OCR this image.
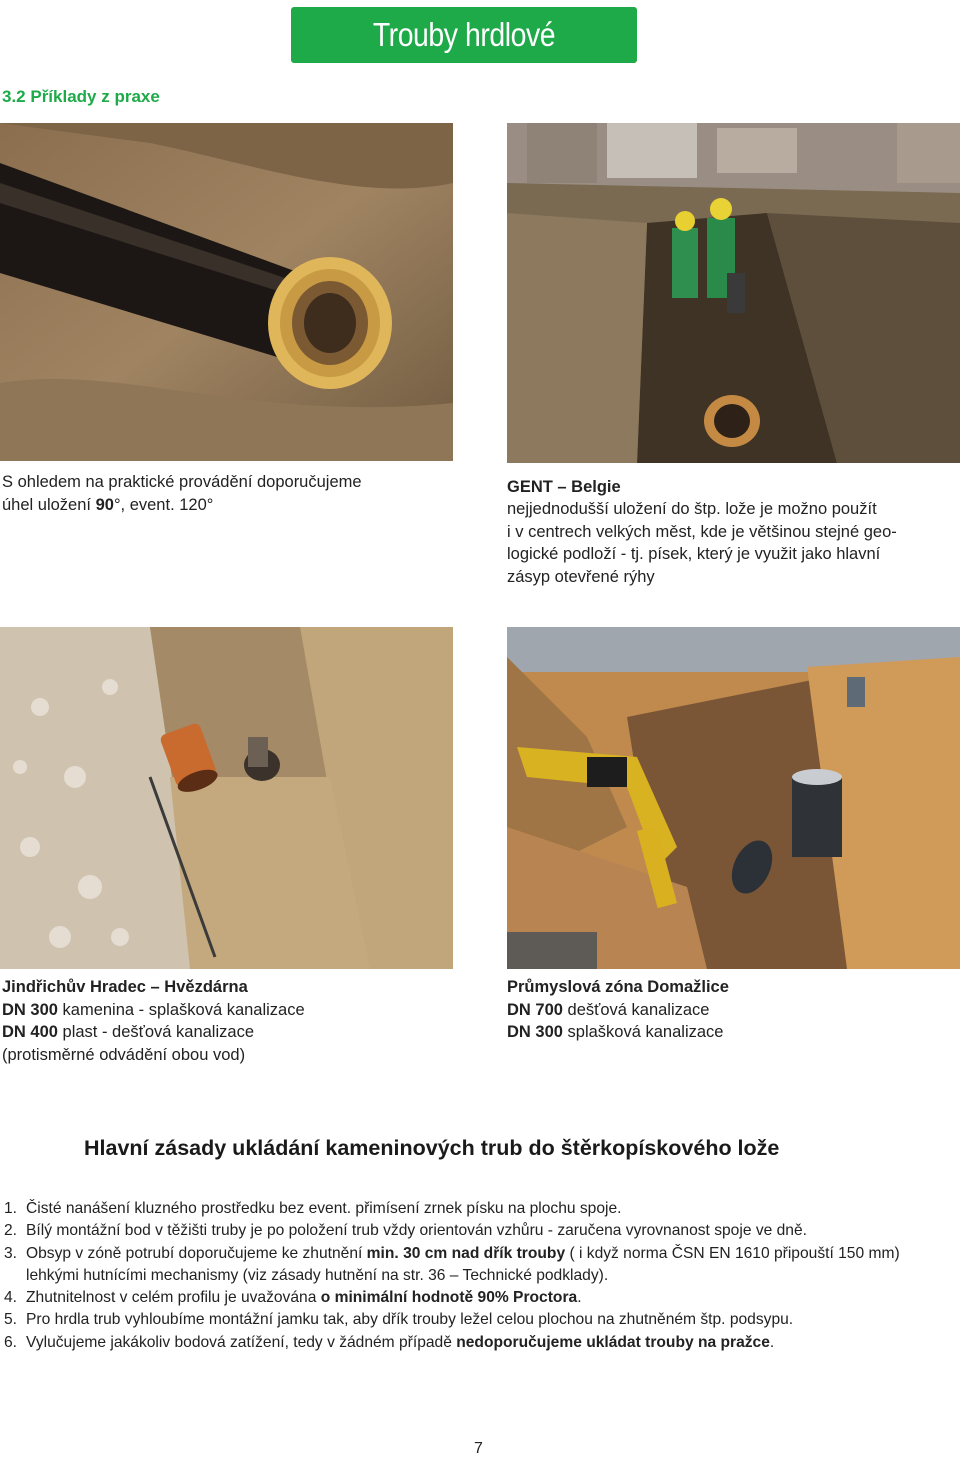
Trouby hrdlové
3.2 Příklady z praxe
S ohledem na praktické provádění doporučujeme
úhel uložení 90°, event. 120°
GENT – Belgie
nejjednodušší uložení do štp. lože je možno použít
i v centrech velkých měst, kde je většinou stejné geo-
logické podloží - tj. písek, který je využit jako hlavní
zásyp otevřené rýhy
Jindřichův Hradec – Hvězdárna
DN 300 kamenina - splašková kanalizace
DN 400 plast - dešťová kanalizace
(protisměrné odvádění obou vod)
Průmyslová zóna Domažlice
DN 700 dešťová kanalizace
DN 300 splašková kanalizace
Hlavní zásady ukládání kameninových trub do štěrkopískového lože
1. Čisté nanášení kluzného prostředku bez event. přimísení zrnek písku na plochu spoje.
2. Bílý montážní bod v těžišti truby je po položení trub vždy orientován vzhůru - zaručena vyrovnanost spoje ve dně.
3. Obsyp v zóně potrubí doporučujeme ke zhutnění min. 30 cm nad dřík trouby ( i když norma ČSN EN 1610 připouští 150 mm) lehkými hutnícími mechanismy (viz zásady hutnění na str. 36 – Technické podklady).
4. Zhutnitelnost v celém profilu je uvažována o minimální hodnotě 90% Proctora.
5. Pro hrdla trub vyhloubíme montážní jamku tak, aby dřík trouby ležel celou plochou na zhutněném štp. podsypu.
6. Vylučujeme jakákoliv bodová zatížení, tedy v žádném případě nedoporučujeme ukládat trouby na pražce.
7
